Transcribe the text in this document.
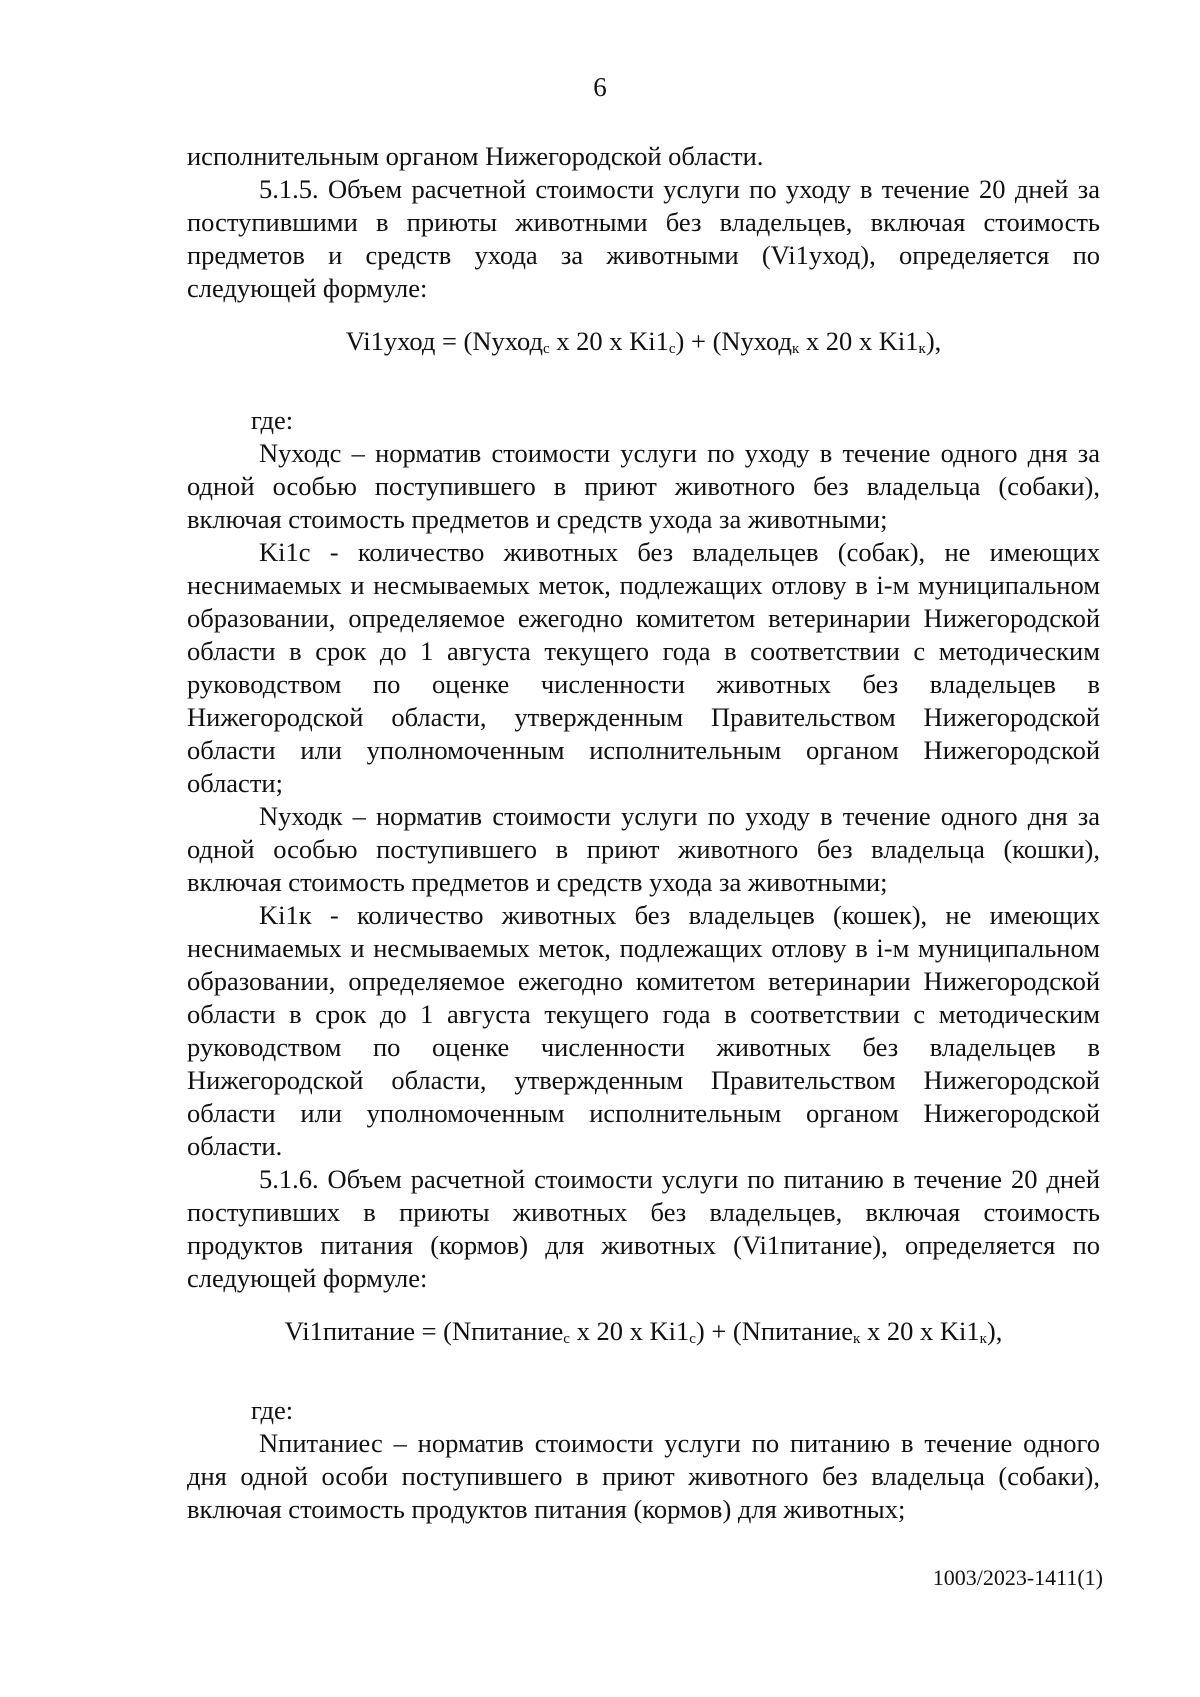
6

исполнительным органом Нижегородской области.

5.1.5. Объем расчетной стоимости услуги по уходу в течение 20 дней за поступившими в приюты животными без владельцев, включая стоимость предметов и средств ухода за животными (Vi1уход), определяется по следующей формуле:

Vi1уход = (Nуход$_с$ х 20 х $Ki1_с$) + (Nуход$_к$ х 20 х $Ki1_к$),

где:

Nуходс – норматив стоимости услуги по уходу в течение одного дня за одной особью поступившего в приют животного без владельца (собаки), включая стоимость предметов и средств ухода за животными;

Ki1с - количество животных без владельцев (собак), не имеющих неснимаемых и несмываемых меток, подлежащих отлову в i-м муниципальном образовании, определяемое ежегодно комитетом ветеринарии Нижегородской области в срок до 1 августа текущего года в соответствии с методическим руководством по оценке численности животных без владельцев в Нижегородской области, утвержденным Правительством Нижегородской области или уполномоченным исполнительным органом Нижегородской области;

Nуходк – норматив стоимости услуги по уходу в течение одного дня за одной особью поступившего в приют животного без владельца (кошки), включая стоимость предметов и средств ухода за животными;

Ki1к - количество животных без владельцев (кошек), не имеющих неснимаемых и несмываемых меток, подлежащих отлову в i-м муниципальном образовании, определяемое ежегодно комитетом ветеринарии Нижегородской области в срок до 1 августа текущего года в соответствии с методическим руководством по оценке численности животных без владельцев в Нижегородской области, утвержденным Правительством Нижегородской области или уполномоченным исполнительным органом Нижегородской области.

5.1.6. Объем расчетной стоимости услуги по питанию в течение 20 дней поступивших в приюты животных без владельцев, включая стоимость продуктов питания (кормов) для животных (Vi1питание), определяется по следующей формуле:

Vi1питание = (Nпитание$_с$ х 20 х $Ki1_с$) + (Nпитание$_к$ х 20 х $Ki1_к$),

где:

Nпитаниес – норматив стоимости услуги по питанию в течение одного дня одной особи поступившего в приют животного без владельца (собаки), включая стоимость продуктов питания (кормов) для животных;

1003/2023-1411(1)
